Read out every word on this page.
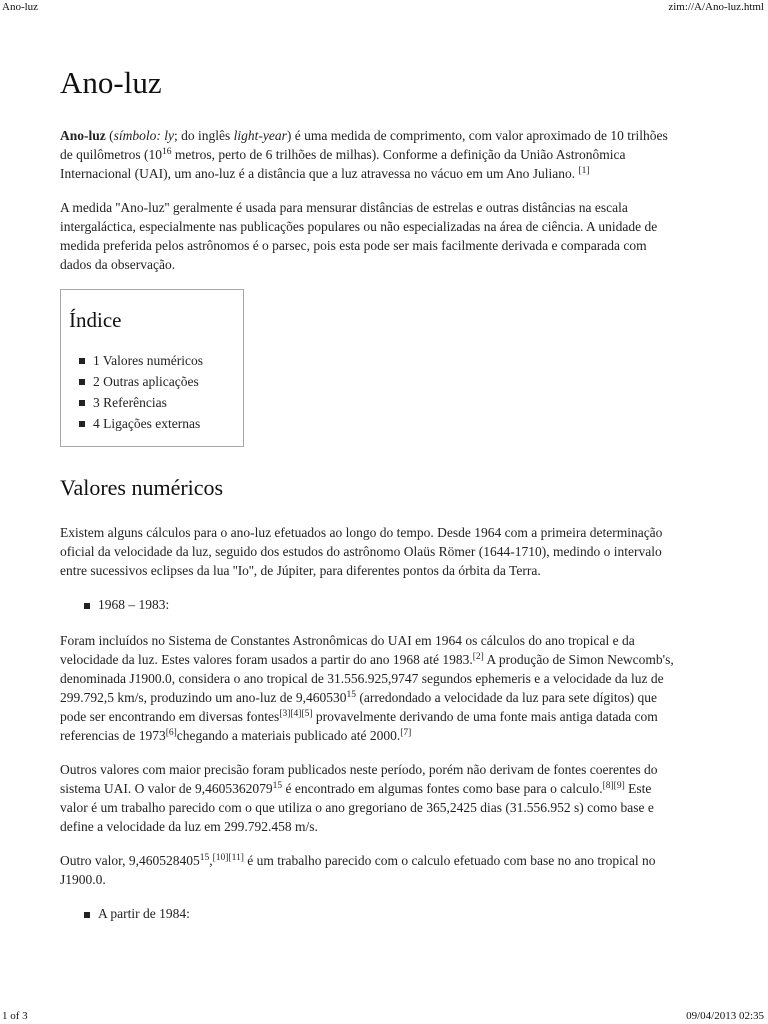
Ano-luz	zim://A/Ano-luz.html
Ano-luz

Ano-luz (símbolo: ly; do inglês light-year) é uma medida de comprimento, com valor aproximado de 10 trilhões de quilômetros ($10^{16}$ metros, perto de 6 trilhões de milhas). Conforme a definição da União Astronômica Internacional (UAI), um ano-luz é a distância que a luz atravessa no vácuo em um Ano Juliano. [1]

A medida ''Ano-luz'' geralmente é usada para mensurar distâncias de estrelas e outras distâncias na escala intergaláctica, especialmente nas publicações populares ou não especializadas na área de ciência. A unidade de medida preferida pelos astrônomos é o parsec, pois esta pode ser mais facilmente derivada e comparada com dados da observação.

Índice
1 Valores numéricos
2 Outras aplicações
3 Referências
4 Ligações externas
Valores numéricos

Existem alguns cálculos para o ano-luz efetuados ao longo do tempo. Desde 1964 com a primeira determinação oficial da velocidade da luz, seguido dos estudos do astrônomo Olaüs Römer (1644-1710), medindo o intervalo entre sucessivos eclipses da lua ''Io'', de Júpiter, para diferentes pontos da órbita da Terra.

1968 – 1983:

Foram incluídos no Sistema de Constantes Astronômicas do UAI em 1964 os cálculos do ano tropical e da velocidade da luz. Estes valores foram usados a partir do ano 1968 até 1983.[2] A produção de Simon Newcomb's, denominada J1900.0, considera o ano tropical de 31.556.925,9747 segundos ephemeris e a velocidade da luz de 299.792,5 km/s, produzindo um ano-luz de 9,460530$^{15}$ (arredondado a velocidade da luz para sete dígitos) que pode ser encontrando em diversas fontes[3][4][5] provavelmente derivando de uma fonte mais antiga datada com referencias de 1973[6]chegando a materiais publicado até 2000.[7]

Outros valores com maior precisão foram publicados neste período, porém não derivam de fontes coerentes do sistema UAI. O valor de 9,4605362079$^{15}$ é encontrado em algumas fontes como base para o calculo.[8][9] Este valor é um trabalho parecido com o que utiliza o ano gregoriano de 365,2425 dias (31.556.952 s) como base e define a velocidade da luz em 299.792.458 m/s.

Outro valor, 9,460528405$^{15}$,[10][11] é um trabalho parecido com o calculo efetuado com base no ano tropical no J1900.0.

A partir de 1984:
1 of 3	09/04/2013 02:35
